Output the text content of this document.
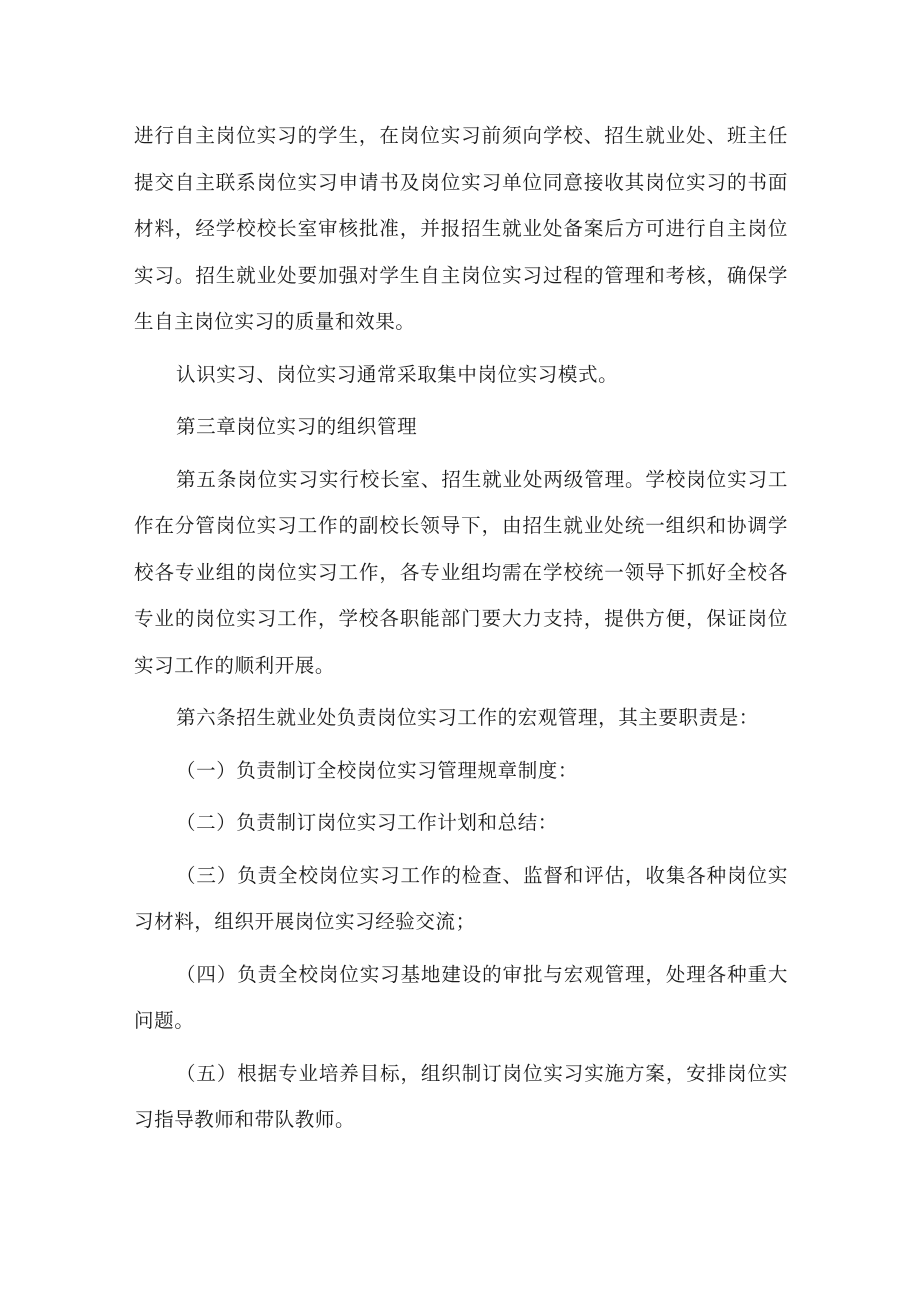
进行自主岗位实习的学生，在岗位实习前须向学校、招生就业处、班主任提交自主联系岗位实习申请书及岗位实习单位同意接收其岗位实习的书面材料，经学校校长室审核批准，并报招生就业处备案后方可进行自主岗位实习。招生就业处要加强对学生自主岗位实习过程的管理和考核，确保学生自主岗位实习的质量和效果。

认识实习、岗位实习通常采取集中岗位实习模式。

第三章岗位实习的组织管理

第五条岗位实习实行校长室、招生就业处两级管理。学校岗位实习工作在分管岗位实习工作的副校长领导下，由招生就业处统一组织和协调学校各专业组的岗位实习工作，各专业组均需在学校统一领导下抓好全校各专业的岗位实习工作，学校各职能部门要大力支持，提供方便，保证岗位实习工作的顺利开展。

第六条招生就业处负责岗位实习工作的宏观管理，其主要职责是：

（一）负责制订全校岗位实习管理规章制度：

（二）负责制订岗位实习工作计划和总结：

（三）负责全校岗位实习工作的检查、监督和评估，收集各种岗位实习材料，组织开展岗位实习经验交流；

（四）负责全校岗位实习基地建设的审批与宏观管理，处理各种重大问题。

（五）根据专业培养目标，组织制订岗位实习实施方案，安排岗位实习指导教师和带队教师。
